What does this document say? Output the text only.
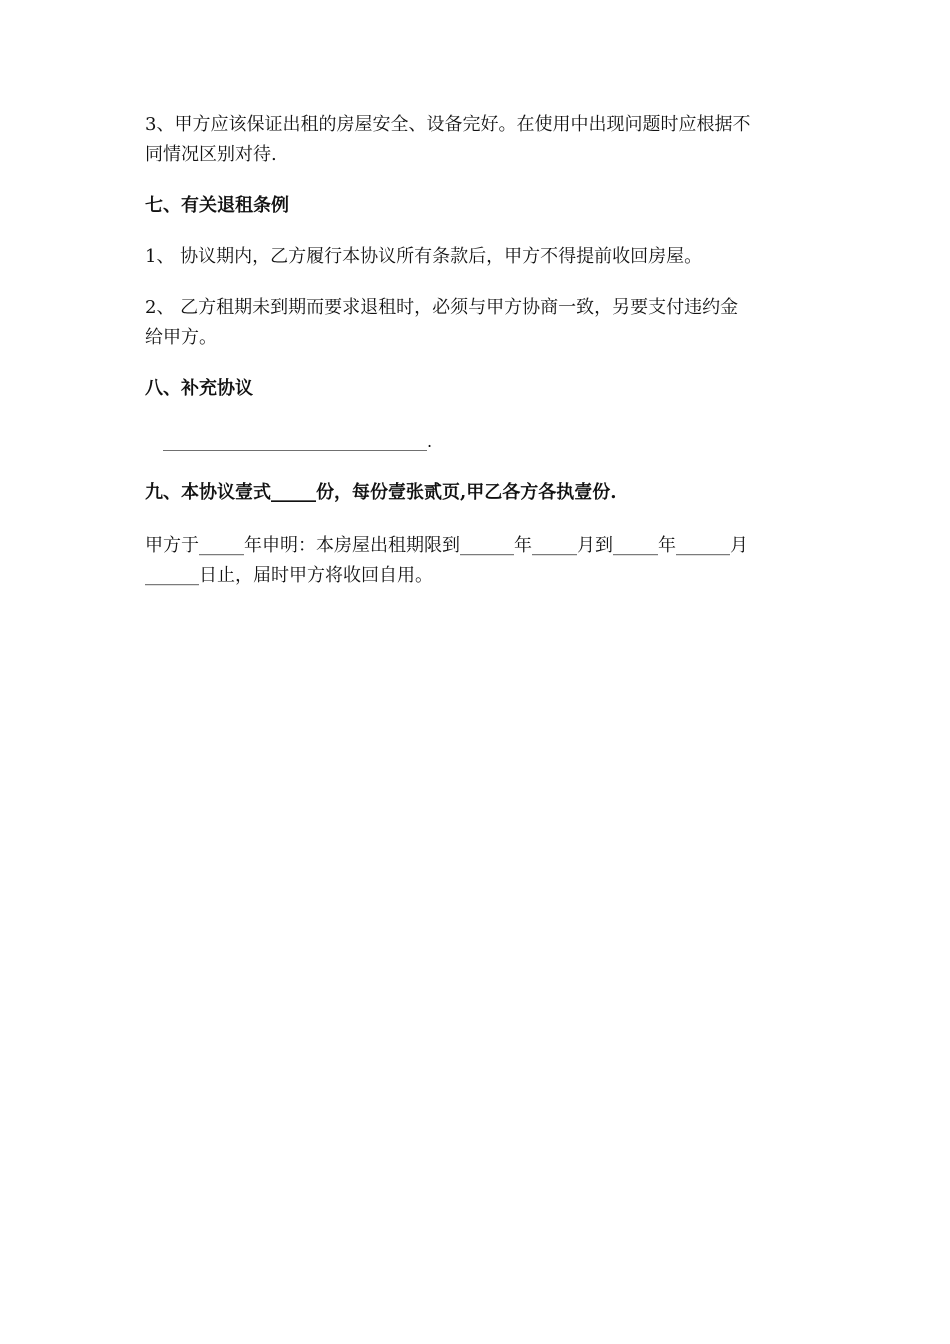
3、甲方应该保证出租的房屋安全、设备完好。在使用中出现问题时应根据不
同情况区别对待.
七、有关退租条例
1、 协议期内，乙方履行本协议所有条款后，甲方不得提前收回房屋。
2、 乙方租期未到期而要求退租时，必须与甲方协商一致，另要支付违约金
给甲方。
八、补充协议
_________________________________.
九、本协议壹式_____份，每份壹张贰页,甲乙各方各执壹份.
甲方于_____年申明：本房屋出租期限到______年_____月到_____年______月
______日止，届时甲方将收回自用。
